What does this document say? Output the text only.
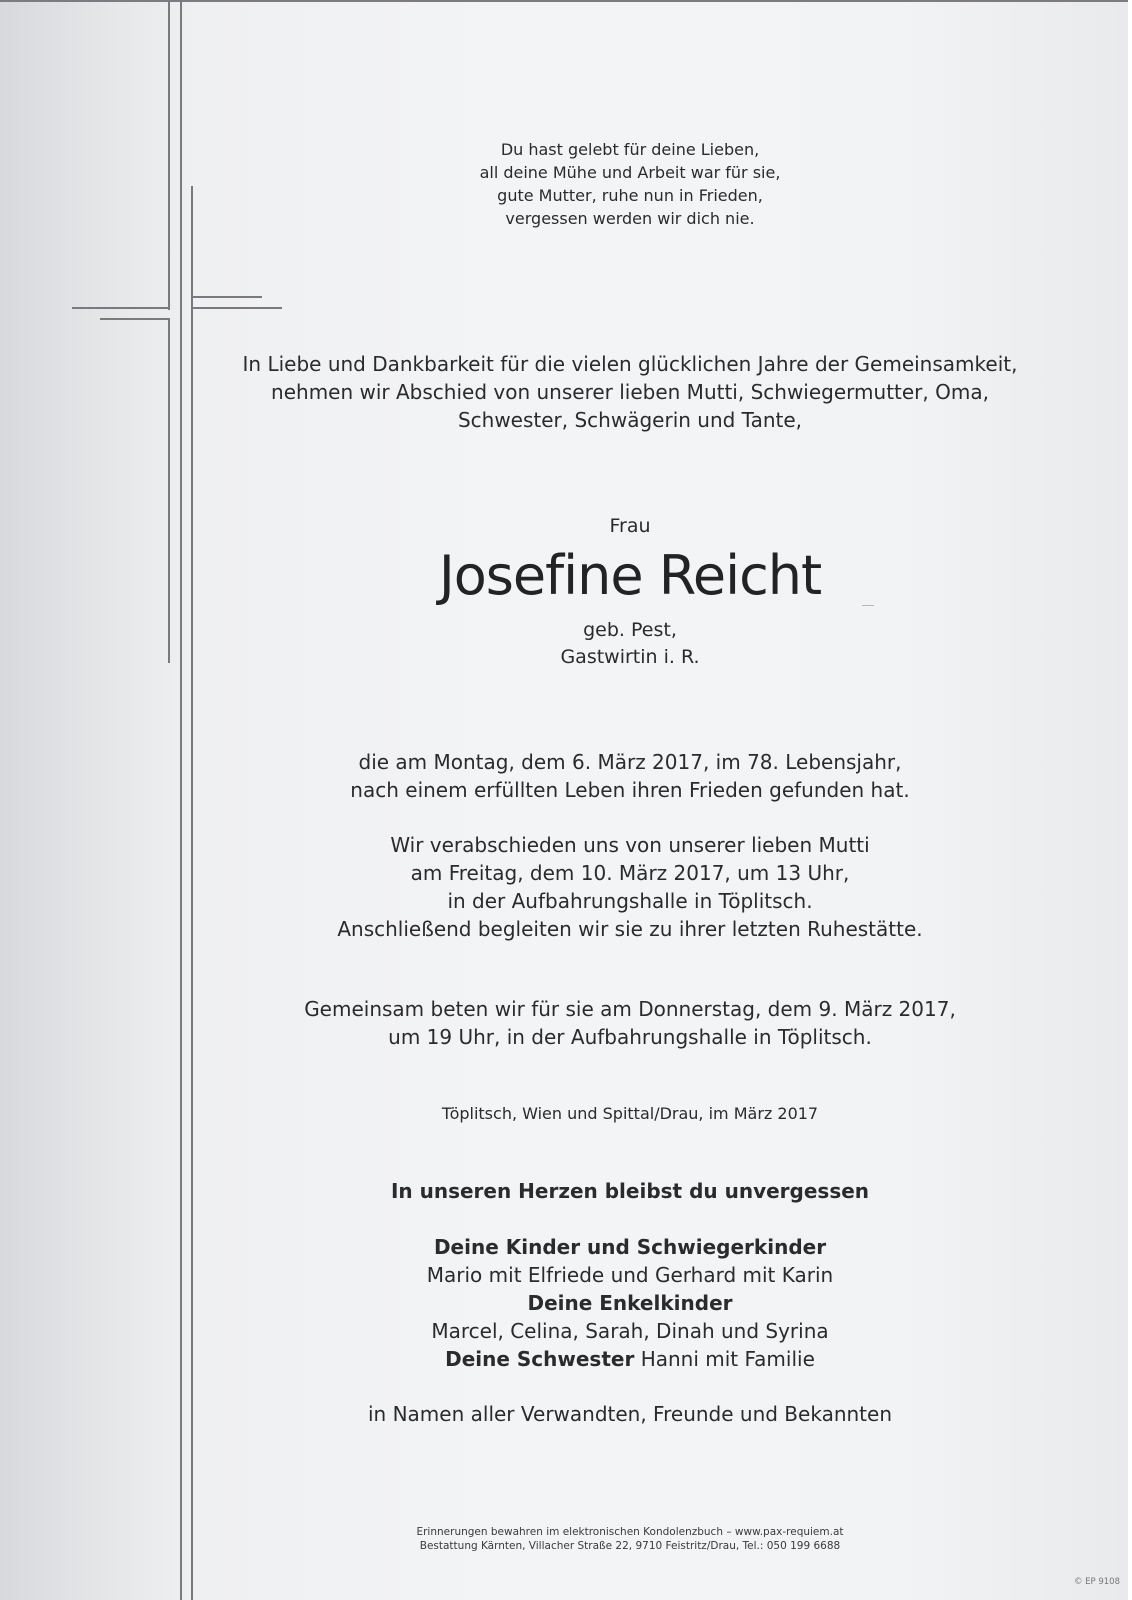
Du hast gelebt für deine Lieben,
all deine Mühe und Arbeit war für sie,
gute Mutter, ruhe nun in Frieden,
vergessen werden wir dich nie.
In Liebe und Dankbarkeit für die vielen glücklichen Jahre der Gemeinsamkeit,
nehmen wir Abschied von unserer lieben Mutti, Schwiegermutter, Oma,
Schwester, Schwägerin und Tante,
Frau
Josefine Reicht
geb. Pest,
Gastwirtin i. R.
die am Montag, dem 6. März 2017, im 78. Lebensjahr,
nach einem erfüllten Leben ihren Frieden gefunden hat.
Wir verabschieden uns von unserer lieben Mutti
am Freitag, dem 10. März 2017, um 13 Uhr,
in der Aufbahrungshalle in Töplitsch.
Anschließend begleiten wir sie zu ihrer letzten Ruhestätte.
Gemeinsam beten wir für sie am Donnerstag, dem 9. März 2017,
um 19 Uhr, in der Aufbahrungshalle in Töplitsch.
Töplitsch, Wien und Spittal/Drau, im März 2017
In unseren Herzen bleibst du unvergessen
Deine Kinder und Schwiegerkinder
Mario mit Elfriede und Gerhard mit Karin
Deine Enkelkinder
Marcel, Celina, Sarah, Dinah und Syrina
Deine Schwester Hanni mit Familie
in Namen aller Verwandten, Freunde und Bekannten
Erinnerungen bewahren im elektronischen Kondolenzbuch – www.pax-requiem.at
Bestattung Kärnten, Villacher Straße 22, 9710 Feistritz/Drau, Tel.: 050 199 6688
© EP 9108
